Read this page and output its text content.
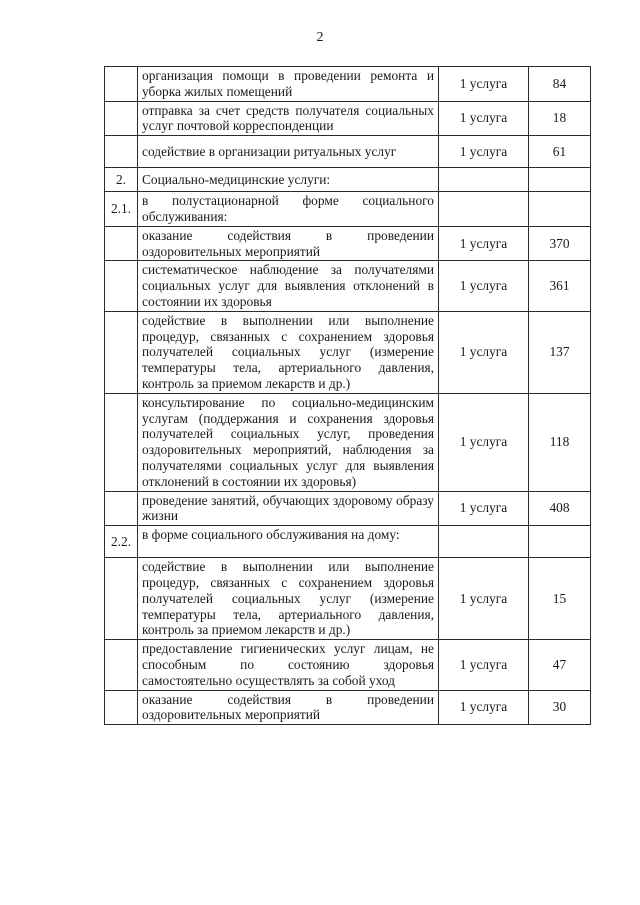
2
	организация помощи в проведении ремонта и уборка жилых помещений	1 услуга	84
	отправка за счет средств получателя социальных услуг почтовой корреспонденции	1 услуга	18
	содействие в организации ритуальных услуг	1 услуга	61
2.	Социально-медицинские услуги:		
2.1.	в полустационарной форме социального обслуживания:		
	оказание содействия в проведении оздоровительных мероприятий	1 услуга	370
	систематическое наблюдение за получателями социальных услуг для выявления отклонений в состоянии их здоровья	1 услуга	361
	содействие в выполнении или выполнение процедур, связанных с сохранением здоровья получателей социальных услуг (измерение температуры тела, артериального давления, контроль за приемом лекарств и др.)	1 услуга	137
	консультирование по социально-медицинским услугам (поддержания и сохранения здоровья получателей социальных услуг, проведения оздоровительных мероприятий, наблюдения за получателями социальных услуг для выявления отклонений в состоянии их здоровья)	1 услуга	118
	проведение занятий, обучающих здоровому образу жизни	1 услуга	408
2.2.	в форме социального обслуживания на дому:		
	содействие в выполнении или выполнение процедур, связанных с сохранением здоровья получателей социальных услуг (измерение температуры тела, артериального давления, контроль за приемом лекарств и др.)	1 услуга	15
	предоставление гигиенических услуг лицам, не способным по состоянию здоровья самостоятельно осуществлять за собой уход	1 услуга	47
	оказание содействия в проведении оздоровительных мероприятий	1 услуга	30
